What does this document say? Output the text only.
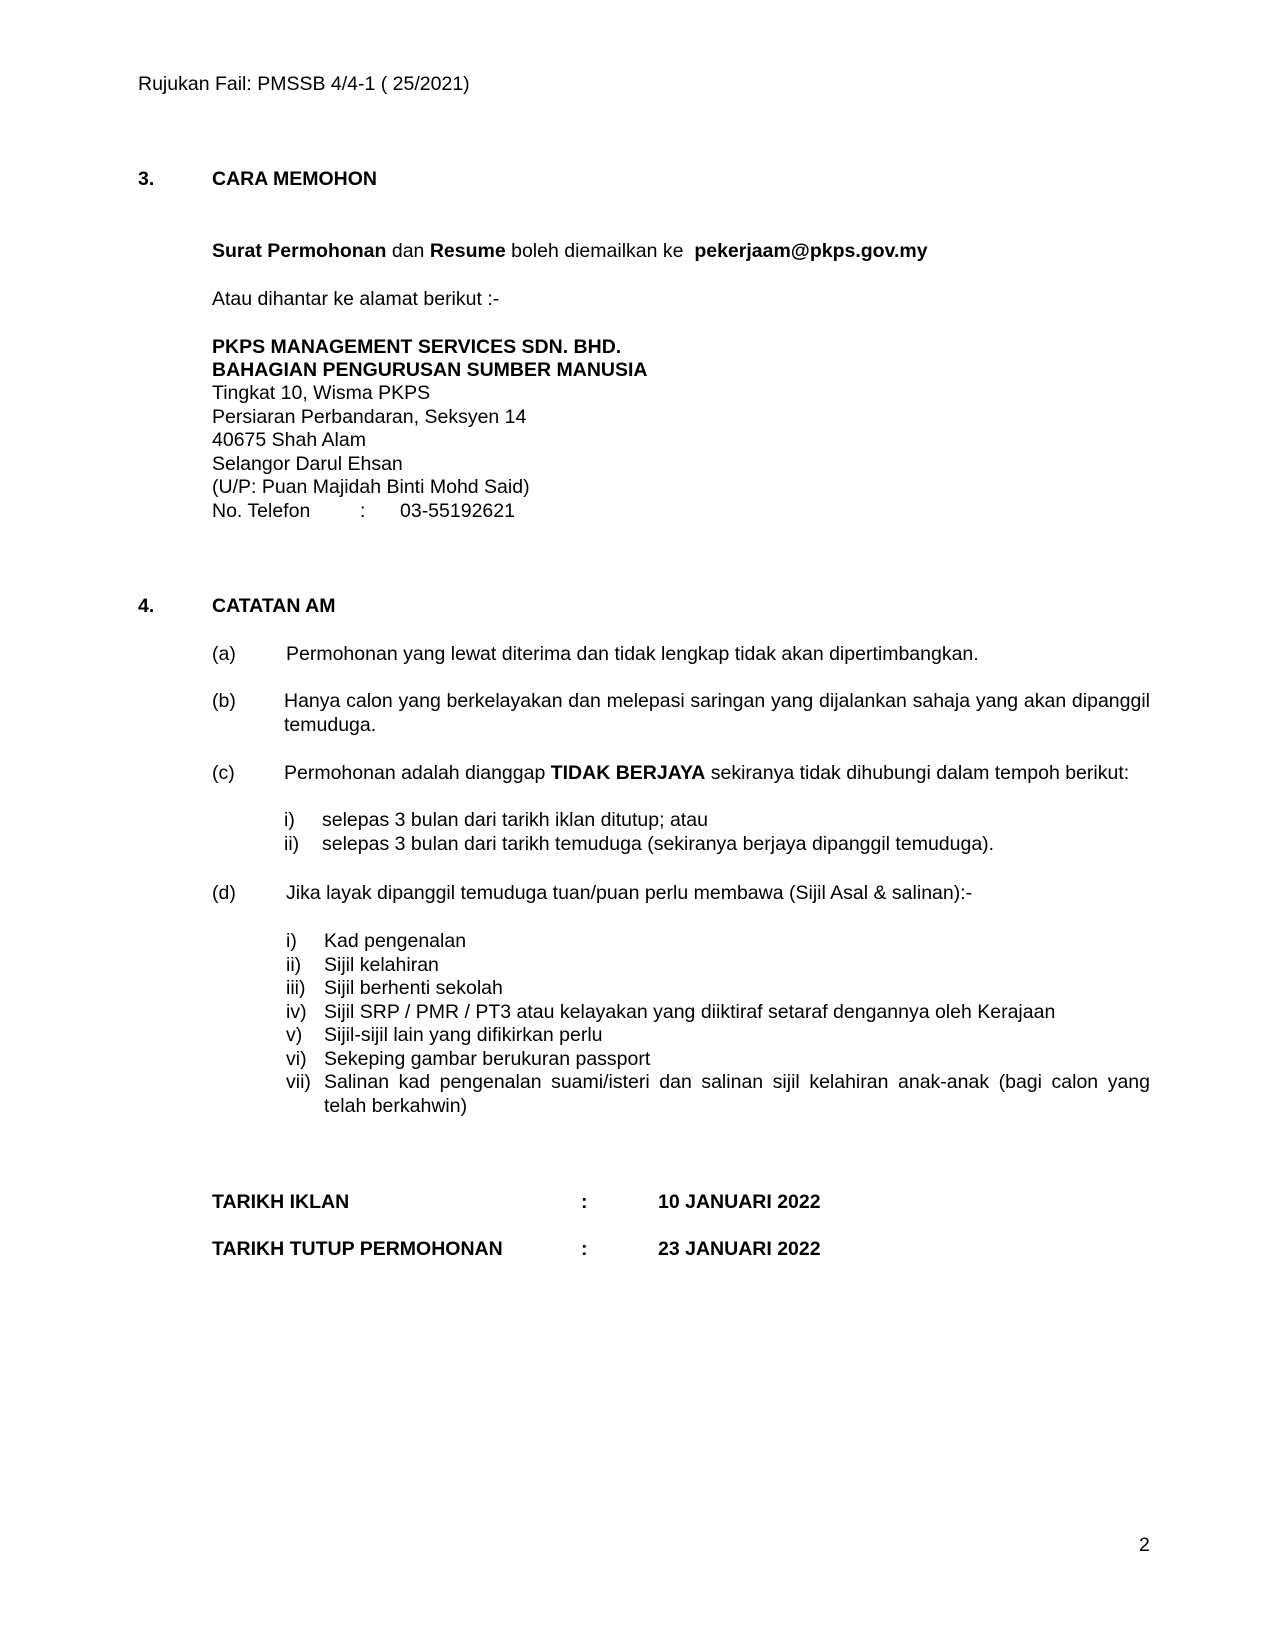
Rujukan Fail: PMSSB 4/4-1 ( 25/2021)
3.	CARA MEMOHON
Surat Permohonan dan Resume boleh diemailkan ke  pekerjaam@pkps.gov.my
Atau dihantar ke alamat berikut :-
PKPS MANAGEMENT SERVICES SDN. BHD.
BAHAGIAN PENGURUSAN SUMBER MANUSIA
Tingkat 10, Wisma PKPS
Persiaran Perbandaran, Seksyen 14
40675 Shah Alam
Selangor Darul Ehsan
(U/P: Puan Majidah Binti Mohd Said)
No. Telefon	: 03-55192621
4.	CATATAN AM
(a)	Permohonan yang lewat diterima dan tidak lengkap tidak akan dipertimbangkan.
(b) Hanya calon yang berkelayakan dan melepasi saringan yang dijalankan sahaja yang akan dipanggil temuduga.
(c)	Permohonan adalah dianggap TIDAK BERJAYA sekiranya tidak dihubungi dalam tempoh berikut:
i) selepas 3 bulan dari tarikh iklan ditutup; atau
ii) selepas 3 bulan dari tarikh temuduga (sekiranya berjaya dipanggil temuduga).
(d)	Jika layak dipanggil temuduga tuan/puan perlu membawa (Sijil Asal & salinan):-
i) Kad pengenalan
ii) Sijil kelahiran
iii) Sijil berhenti sekolah
iv) Sijil SRP / PMR / PT3 atau kelayakan yang diiktiraf setaraf dengannya oleh Kerajaan
v) Sijil-sijil lain yang difikirkan perlu
vi) Sekeping gambar berukuran passport
vii) Salinan kad pengenalan suami/isteri dan salinan sijil kelahiran anak-anak (bagi calon yang telah berkahwin)
TARIKH IKLAN	:	10 JANUARI 2022
TARIKH TUTUP PERMOHONAN	:	23 JANUARI 2022
2
